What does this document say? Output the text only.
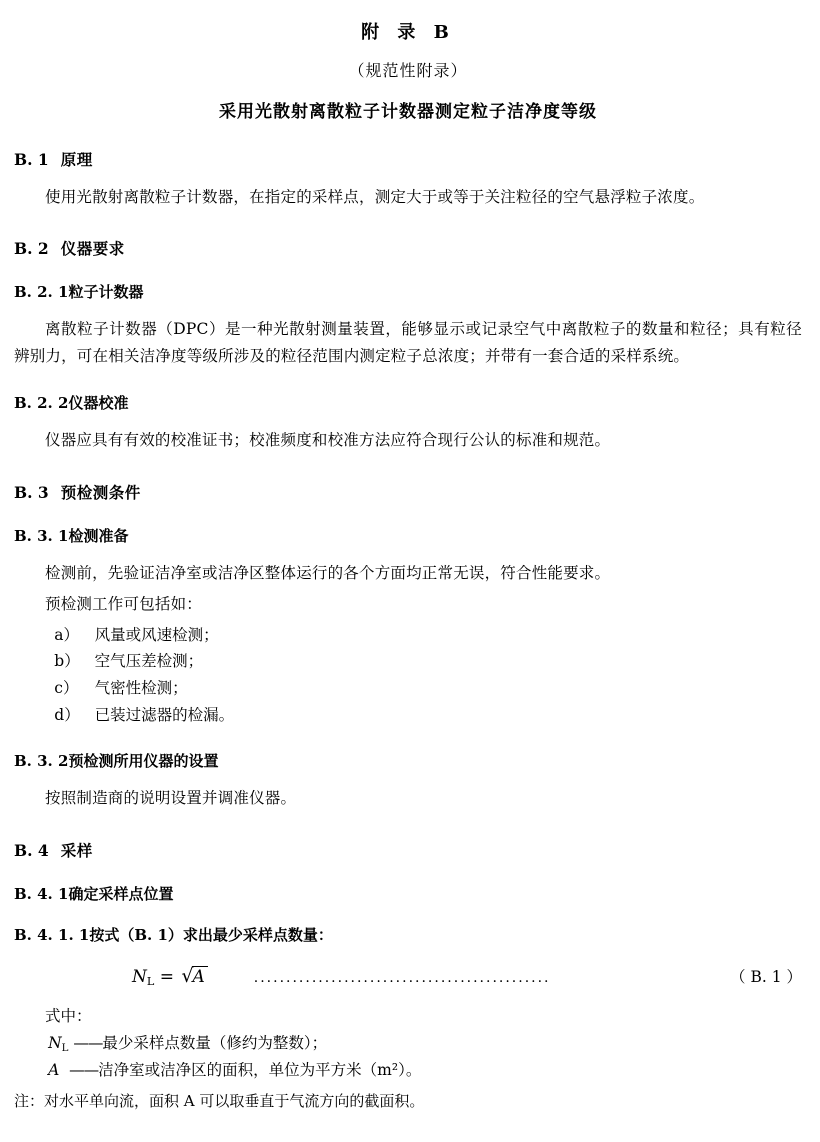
附 录 B
（规范性附录）
采用光散射离散粒子计数器测定粒子洁净度等级
B. 1 原理

使用光散射离散粒子计数器，在指定的采样点，测定大于或等于关注粒径的空气悬浮粒子浓度。

B. 2 仪器要求
B. 2. 1粒子计数器

离散粒子计数器（DPC）是一种光散射测量装置，能够显示或记录空气中离散粒子的数量和粒径；具有粒径辨别力，可在相关洁净度等级所涉及的粒径范围内测定粒子总浓度；并带有一套合适的采样系统。

B. 2. 2仪器校准

仪器应具有有效的校准证书；校准频度和校准方法应符合现行公认的标准和规范。

B. 3 预检测条件
B. 3. 1检测准备

检测前，先验证洁净室或洁净区整体运行的各个方面均正常无误，符合性能要求。

预检测工作可包括如：

a） 风量或风速检测；
b） 空气压差检测；
c） 气密性检测；
d） 已装过滤器的检漏。
B. 3. 2预检测所用仪器的设置

按照制造商的说明设置并调准仪器。

B. 4 采样
B. 4. 1确定采样点位置
B. 4. 1. 1按式（B. 1）求出最少采样点数量：
$N_L = √A$	..............................................	（ B. 1 ）
式中：
$N_L$ ——最少采样点数量（修约为整数）；
A ——洁净室或洁净区的面积，单位为平方米（m²）。
注：对水平单向流，面积 A 可以取垂直于气流方向的截面积。
